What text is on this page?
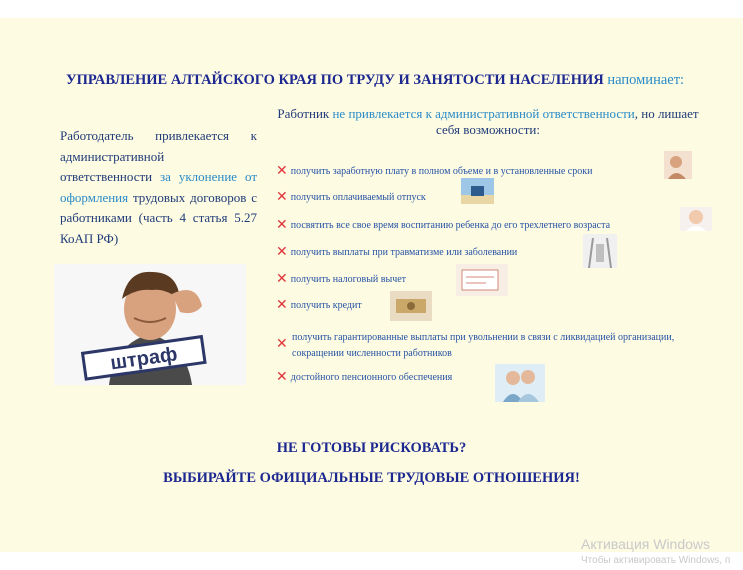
УПРАВЛЕНИЕ АЛТАЙСКОГО КРАЯ ПО ТРУДУ И ЗАНЯТОСТИ НАСЕЛЕНИЯ напоминает:
Работодатель привлекается к административной ответственности за уклонение от оформления трудовых договоров с работниками (часть 4 статья 5.27 КоАП РФ)
штраф
Работник не привлекается к административной ответственности, но лишает себя возможности:
✕ получить заработную плату в полном объеме и в установленные сроки
✕ получить оплачиваемый отпуск
✕ посвятить все свое время воспитанию ребенка до его трехлетнего возраста
✕ получить выплаты при травматизме или заболевании
✕ получить налоговый вычет
✕ получить кредит
✕ получить гарантированные выплаты при увольнении в связи с ликвидацией организации, сокращении численности работников
✕ достойного пенсионного обеспечения
НЕ ГОТОВЫ РИСКОВАТЬ?
ВЫБИРАЙТЕ ОФИЦИАЛЬНЫЕ ТРУДОВЫЕ ОТНОШЕНИЯ!
Активация Windows
Чтобы активировать Windows, п
